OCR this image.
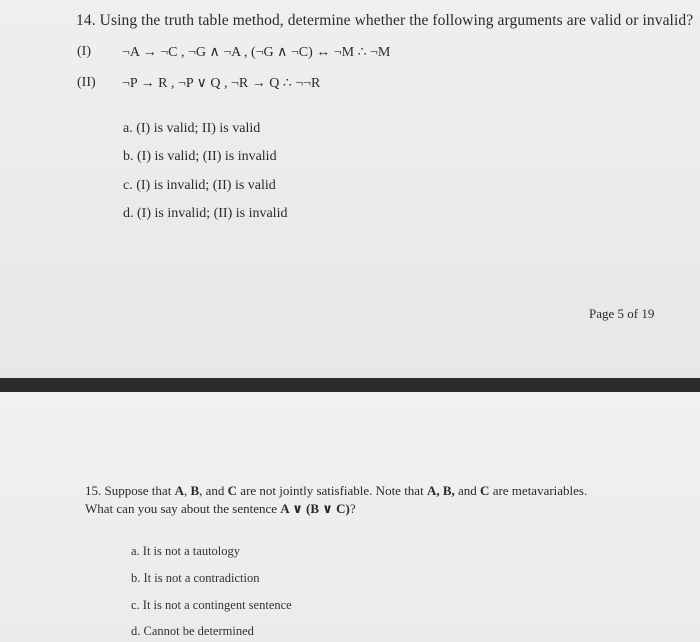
14. Using the truth table method, determine whether the following arguments are valid or invalid?
(I) ¬A → ¬C , ¬G ∧ ¬A , (¬G ∧ ¬C) ↔ ¬M ∴ ¬M
(II) ¬P → R , ¬P ∨ Q , ¬R → Q ∴ ¬¬R
a. (I) is valid; II) is valid
b. (I) is valid; (II) is invalid
c. (I) is invalid; (II) is valid
d. (I) is invalid; (II) is invalid
Page 5 of 19

15. Suppose that A, B, and C are not jointly satisfiable. Note that A, B, and C are metavariables.

What can you say about the sentence A ∨ (B ∨ C)?

a. It is not a tautology
b. It is not a contradiction
c. It is not a contingent sentence
d. Cannot be determined
